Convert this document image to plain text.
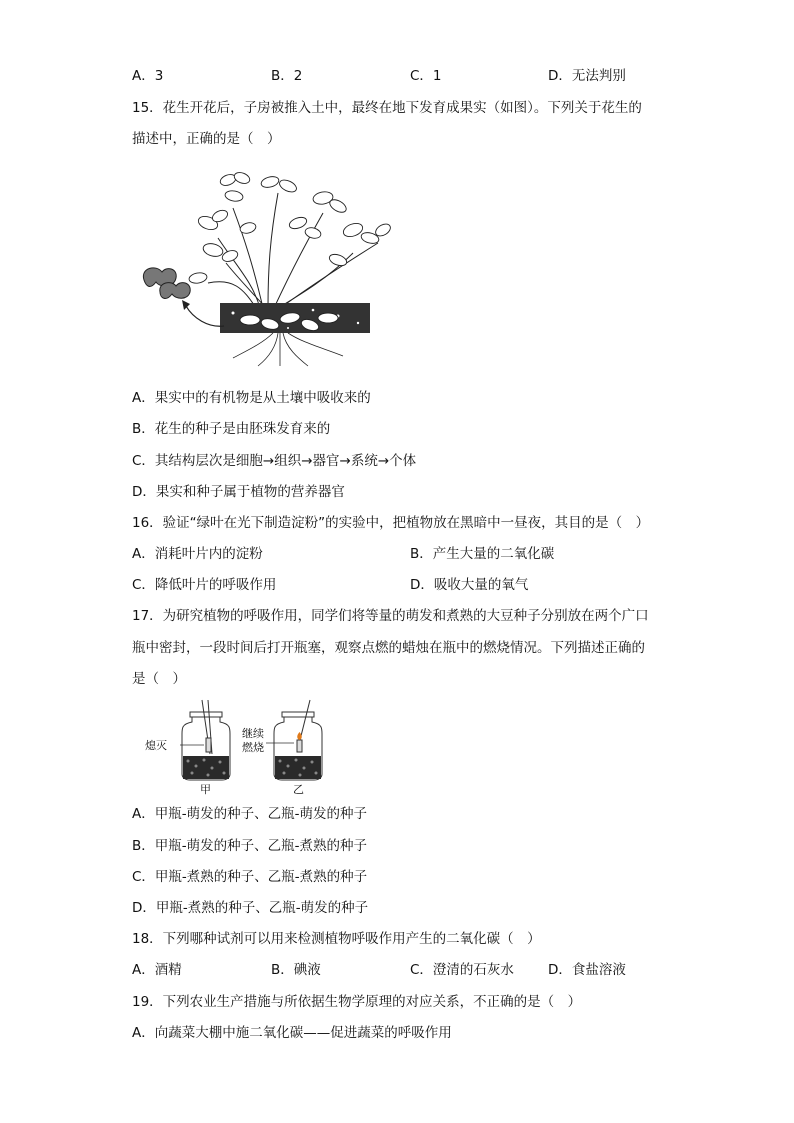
A．3	B．2	C．1	D．无法判别
15．花生开花后，子房被推入土中，最终在地下发育成果实（如图）。下列关于花生的
描述中，正确的是（　）
A．果实中的有机物是从土壤中吸收来的
B．花生的种子是由胚珠发育来的
C．其结构层次是细胞→组织→器官→系统→个体
D．果实和种子属于植物的营养器官
16．验证“绿叶在光下制造淀粉”的实验中，把植物放在黑暗中一昼夜，其目的是（　）
A．消耗叶片内的淀粉	B．产生大量的二氧化碳
C．降低叶片的呼吸作用	D．吸收大量的氧气
17．为研究植物的呼吸作用，同学们将等量的萌发和煮熟的大豆种子分别放在两个广口
瓶中密封，一段时间后打开瓶塞，观察点燃的蜡烛在瓶中的燃烧情况。下列描述正确的
是（　）
熄灭
继续
燃烧
甲	乙
A．甲瓶-萌发的种子、乙瓶-萌发的种子
B．甲瓶-萌发的种子、乙瓶-煮熟的种子
C．甲瓶-煮熟的种子、乙瓶-煮熟的种子
D．甲瓶-煮熟的种子、乙瓶-萌发的种子
18．下列哪种试剂可以用来检测植物呼吸作用产生的二氧化碳（　）
A．酒精	B．碘液	C．澄清的石灰水	D．食盐溶液
19．下列农业生产措施与所依据生物学原理的对应关系，不正确的是（　）
A．向蔬菜大棚中施二氧化碳——促进蔬菜的呼吸作用
